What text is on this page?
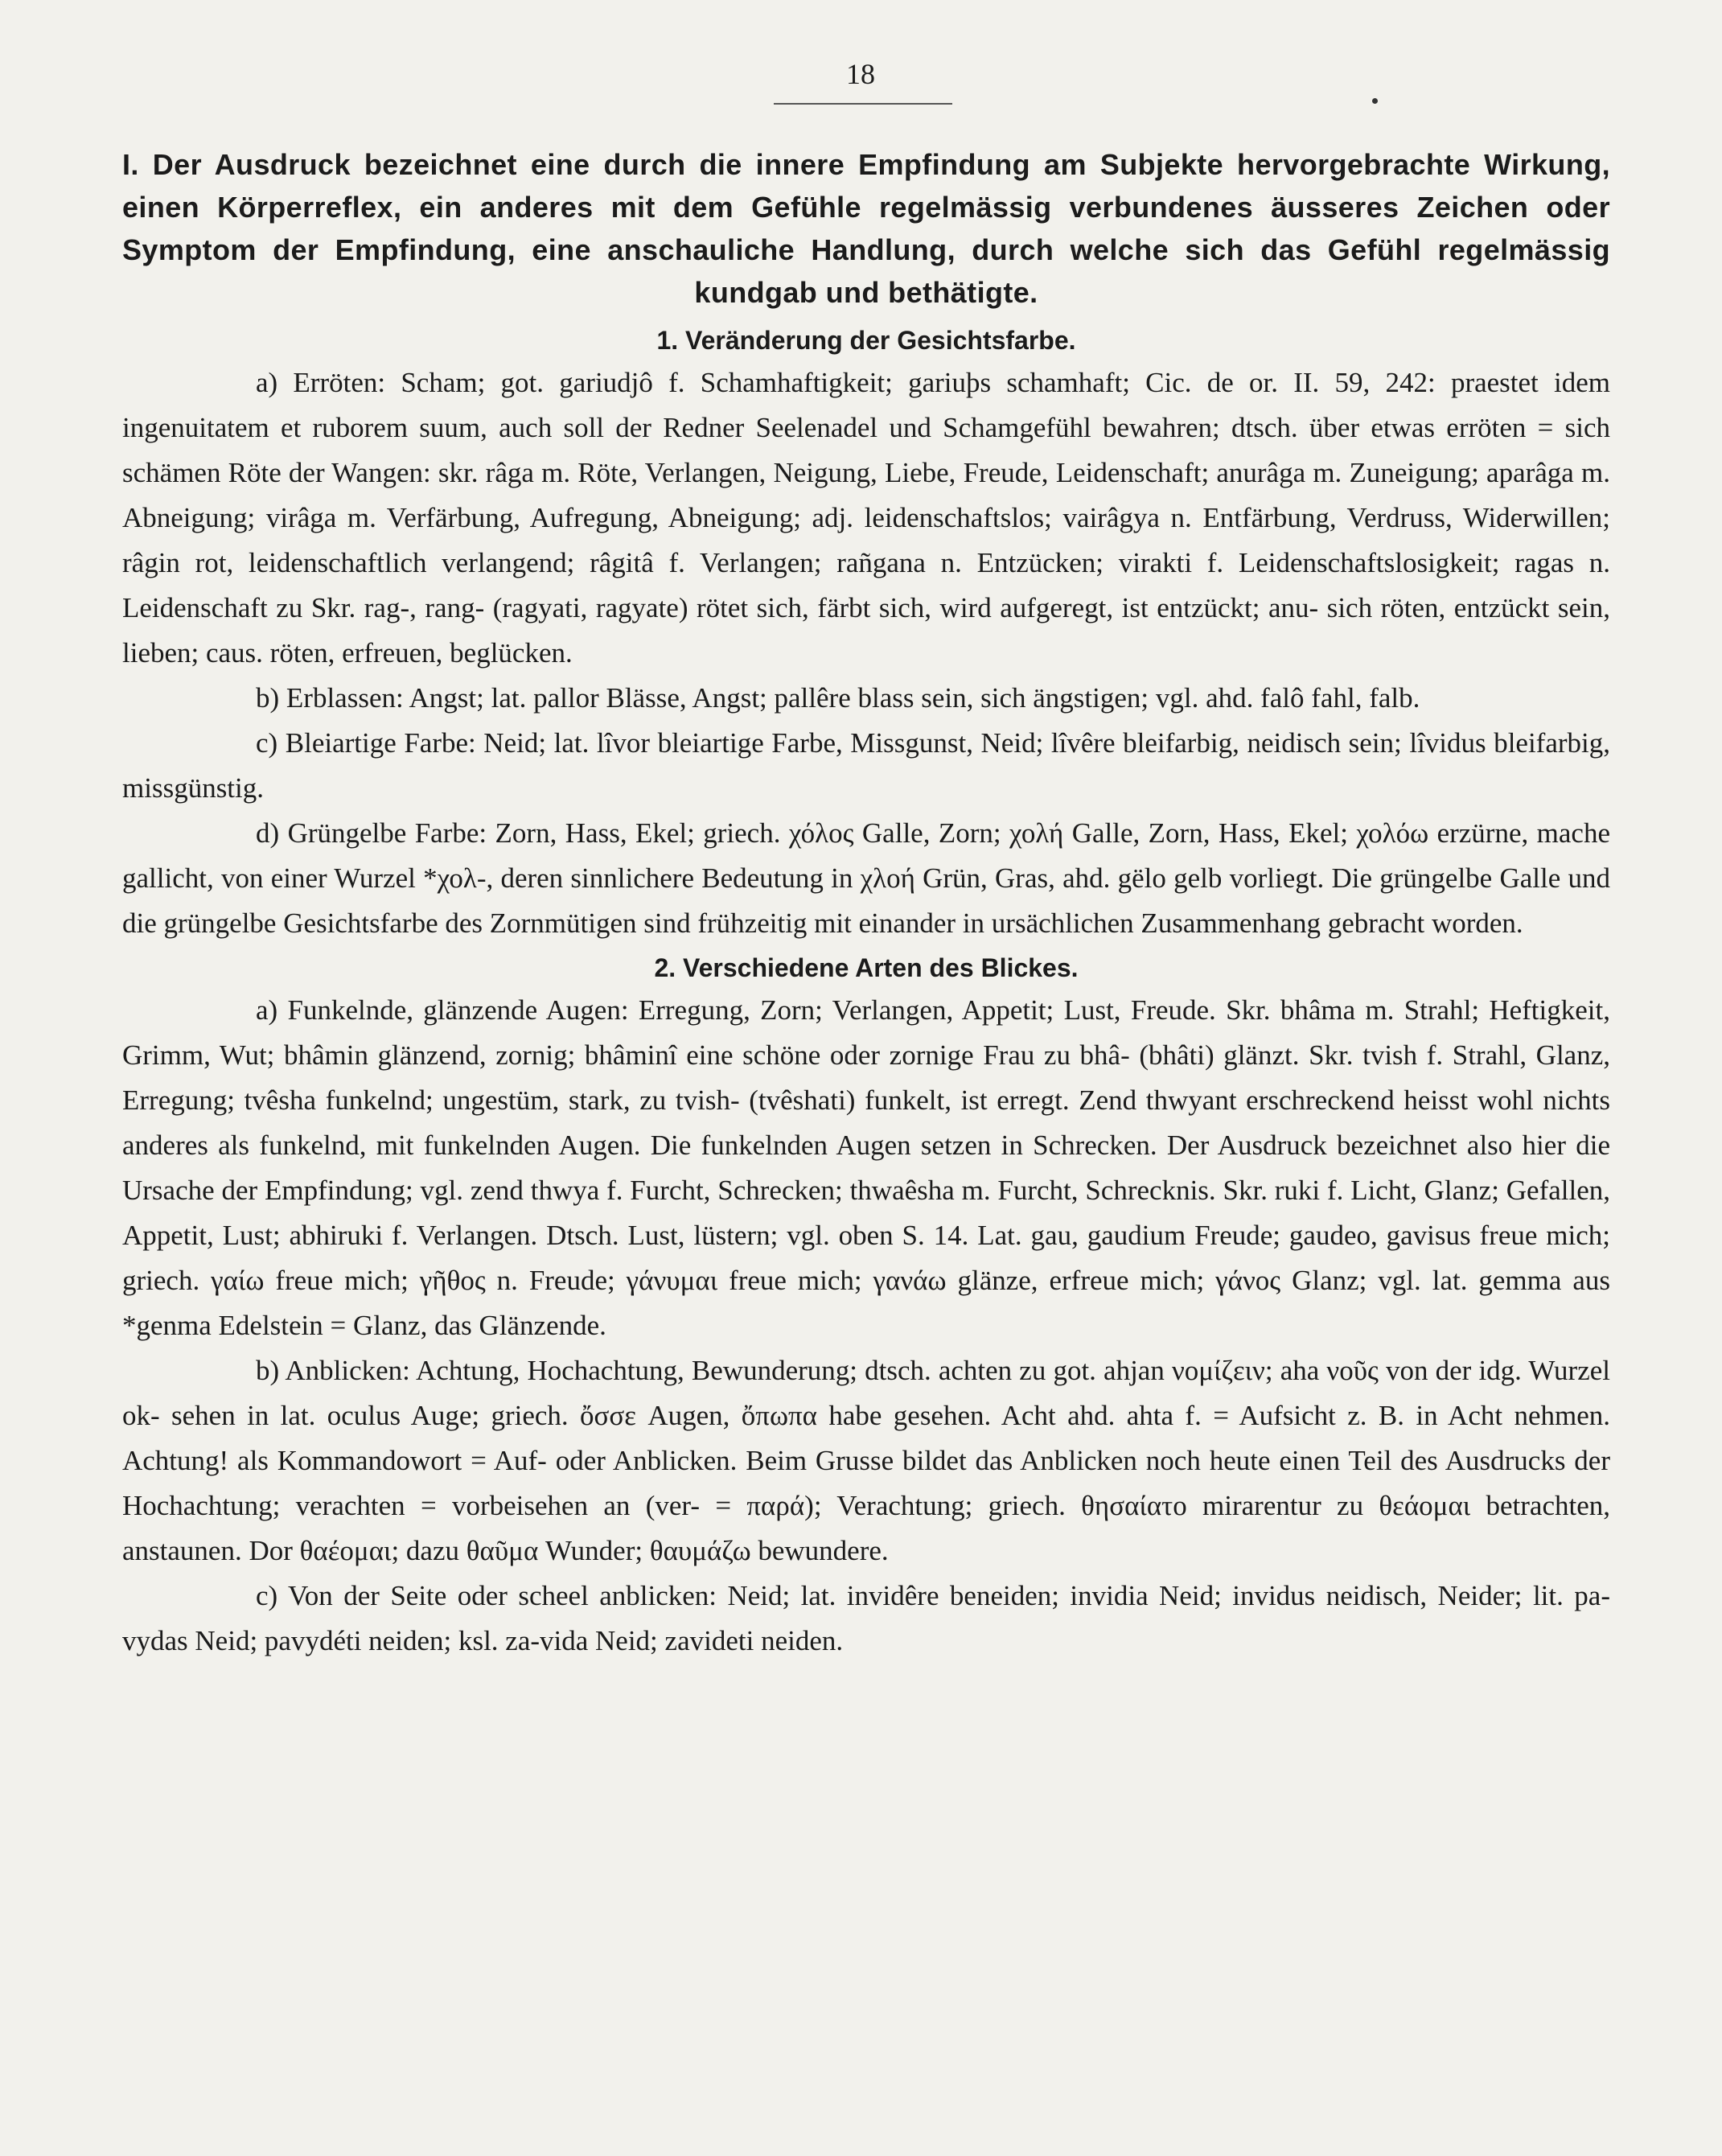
18

I. Der Ausdruck bezeichnet eine durch die innere Empfindung am Subjekte hervorgebrachte Wirkung, einen Körperreflex, ein anderes mit dem Gefühle regelmässig verbundenes äusseres Zeichen oder Symptom der Empfindung, eine anschauliche Handlung, durch welche sich das Gefühl regelmässig kundgab und bethätigte.

1. Veränderung der Gesichtsfarbe.

a) Erröten: Scham; got. gariudjô f. Schamhaftigkeit; gariuþs schamhaft; Cic. de or. II. 59, 242: praestet idem ingenuitatem et ruborem suum, auch soll der Redner Seelenadel und Schamgefühl bewahren; dtsch. über etwas erröten = sich schämen Röte der Wangen: skr. râga m. Röte, Verlangen, Neigung, Liebe, Freude, Leidenschaft; anurâga m. Zuneigung; aparâga m. Abneigung; virâga m. Verfärbung, Aufregung, Abneigung; adj. leidenschaftslos; vairâgya n. Entfärbung, Verdruss, Widerwillen; râgin rot, leidenschaftlich verlangend; râgitâ f. Verlangen; rañgana n. Entzücken; virakti f. Leidenschaftslosigkeit; ragas n. Leidenschaft zu Skr. rag-, rang- (ragyati, ragyate) rötet sich, färbt sich, wird aufgeregt, ist entzückt; anu- sich röten, entzückt sein, lieben; caus. röten, erfreuen, beglücken.

b) Erblassen: Angst; lat. pallor Blässe, Angst; pallêre blass sein, sich ängstigen; vgl. ahd. falô fahl, falb.

c) Bleiartige Farbe: Neid; lat. lîvor bleiartige Farbe, Missgunst, Neid; lîvêre bleifarbig, neidisch sein; lîvidus bleifarbig, missgünstig.

d) Grüngelbe Farbe: Zorn, Hass, Ekel; griech. χόλος Galle, Zorn; χολή Galle, Zorn, Hass, Ekel; χολόω erzürne, mache gallicht, von einer Wurzel *χολ-, deren sinnlichere Bedeutung in χλοή Grün, Gras, ahd. gëlo gelb vorliegt. Die grüngelbe Galle und die grüngelbe Gesichtsfarbe des Zornmütigen sind frühzeitig mit einander in ursächlichen Zusammenhang gebracht worden.

2. Verschiedene Arten des Blickes.

a) Funkelnde, glänzende Augen: Erregung, Zorn; Verlangen, Appetit; Lust, Freude. Skr. bhâma m. Strahl; Heftigkeit, Grimm, Wut; bhâmin glänzend, zornig; bhâminî eine schöne oder zornige Frau zu bhâ- (bhâti) glänzt. Skr. tvish f. Strahl, Glanz, Erregung; tvêsha funkelnd; ungestüm, stark, zu tvish- (tvêshati) funkelt, ist erregt. Zend thwyant erschreckend heisst wohl nichts anderes als funkelnd, mit funkelnden Augen. Die funkelnden Augen setzen in Schrecken. Der Ausdruck bezeichnet also hier die Ursache der Empfindung; vgl. zend thwya f. Furcht, Schrecken; thwaêsha m. Furcht, Schrecknis. Skr. ruki f. Licht, Glanz; Gefallen, Appetit, Lust; abhiruki f. Verlangen. Dtsch. Lust, lüstern; vgl. oben S. 14. Lat. gau, gaudium Freude; gaudeo, gavisus freue mich; griech. γαίω freue mich; γῆθος n. Freude; γάνυμαι freue mich; γανάω glänze, erfreue mich; γάνος Glanz; vgl. lat. gemma aus *genma Edelstein = Glanz, das Glänzende.

b) Anblicken: Achtung, Hochachtung, Bewunderung; dtsch. achten zu got. ahjan νομίζειν; aha νοῦς von der idg. Wurzel ok- sehen in lat. oculus Auge; griech. ὄσσε Augen, ὄπωπα habe gesehen. Acht ahd. ahta f. = Aufsicht z. B. in Acht nehmen. Achtung! als Kommandowort = Auf- oder Anblicken. Beim Grusse bildet das Anblicken noch heute einen Teil des Ausdrucks der Hochachtung; verachten = vorbeisehen an (ver- = παρά); Verachtung; griech. θησαίατο mirarentur zu θεάομαι betrachten, anstaunen. Dor θαέομαι; dazu θαῦμα Wunder; θαυμάζω bewundere.

c) Von der Seite oder scheel anblicken: Neid; lat. invidêre beneiden; invidia Neid; invidus neidisch, Neider; lit. pa-vydas Neid; pavydéti neiden; ksl. za-vida Neid; zavideti neiden.
